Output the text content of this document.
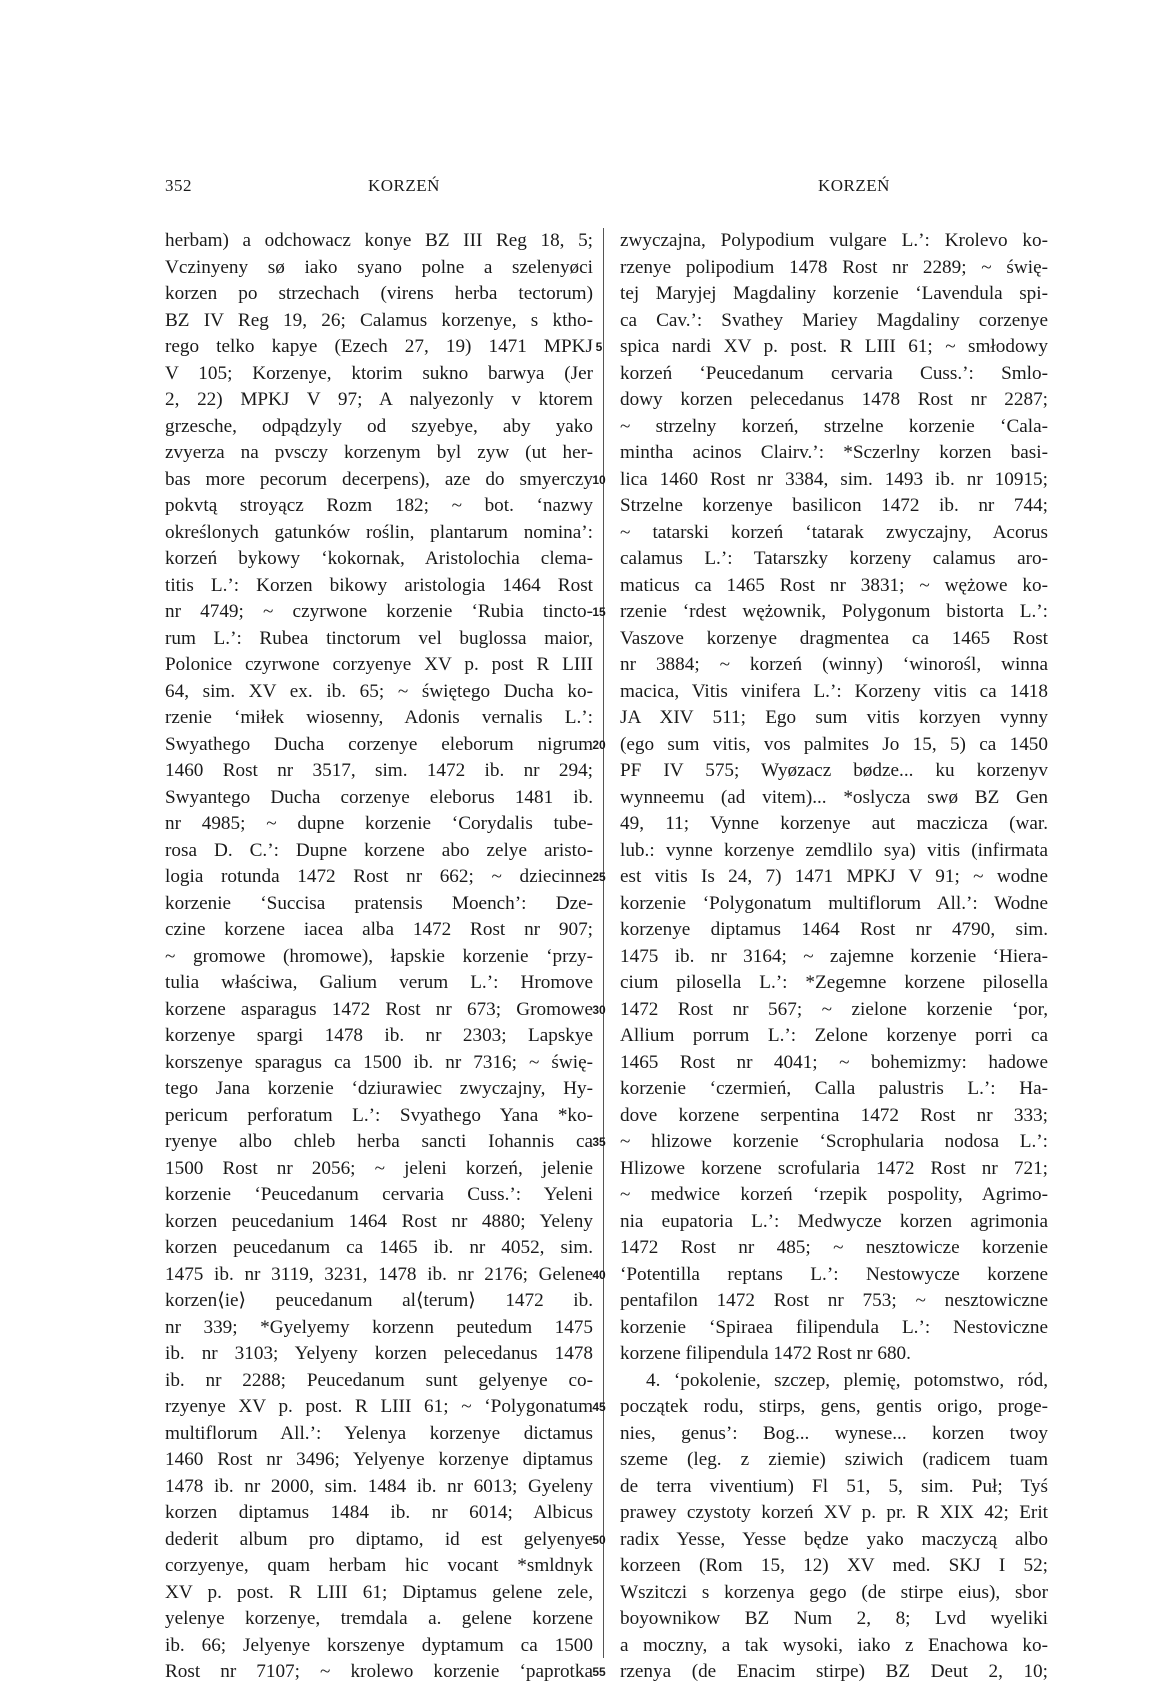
352	KORZEŃ	KORZEŃ
herbam) a odchowacz konye BZ III Reg 18, 5;
Vczinyeny sø iako syano polne a szelenyøci
korzen po strzechach (virens herba tectorum)
BZ IV Reg 19, 26; Calamus korzenye, s ktho-
rego telko kapye (Ezech 27, 19) 1471 MPKJ
V 105; Korzenye, ktorim sukno barwya (Jer
2, 22) MPKJ V 97; A nalyezonly v ktorem
grzesche, odpądzyly od szyebye, aby yako
zvyerza na pvsczy korzenym byl zyw (ut her-
bas more pecorum decerpens), aze do smyerczy
pokvtą stroyącz Rozm 182; ~ bot. ʻnazwy
określonych gatunków roślin, plantarum nomina’:
korzeń bykowy ʻkokornak, Aristolochia clema-
titis L.’: Korzen bikowy aristologia 1464 Rost
nr 4749; ~ czyrwone korzenie ʻRubia tincto-
rum L.’: Rubea tinctorum vel buglossa maior,
Polonice czyrwone corzyenye XV p. post R LIII
64, sim. XV ex. ib. 65; ~ świętego Ducha ko-
rzenie ʻmiłek wiosenny, Adonis vernalis L.’:
Swyathego Ducha corzenye eleborum nigrum
1460 Rost nr 3517, sim. 1472 ib. nr 294;
Swyantego Ducha corzenye eleborus 1481 ib.
nr 4985; ~ dupne korzenie ʻCorydalis tube-
rosa D. C.’: Dupne korzene abo zelye aristo-
logia rotunda 1472 Rost nr 662; ~ dziecinne
korzenie ʻSuccisa pratensis Moench’: Dze-
czine korzene iacea alba 1472 Rost nr 907;
~ gromowe (hromowe), łapskie korzenie ʻprzy-
tulia właściwa, Galium verum L.’: Hromove
korzene asparagus 1472 Rost nr 673; Gromowe
korzenye spargi 1478 ib. nr 2303; Lapskye
korszenye sparagus ca 1500 ib. nr 7316; ~ świę-
tego Jana korzenie ʻdziurawiec zwyczajny, Hy-
pericum perforatum L.’: Svyathego Yana *ko-
ryenye albo chleb herba sancti Iohannis ca
1500 Rost nr 2056; ~ jeleni korzeń, jelenie
korzenie ʻPeucedanum cervaria Cuss.’: Yeleni
korzen peucedanium 1464 Rost nr 4880; Yeleny
korzen peucedanum ca 1465 ib. nr 4052, sim.
1475 ib. nr 3119, 3231, 1478 ib. nr 2176; Gelene
korzen⟨ie⟩ peucedanum al⟨terum⟩ 1472 ib.
nr 339; *Gyelyemy korzenn peutedum 1475
ib. nr 3103; Yelyeny korzen pelecedanus 1478
ib. nr 2288; Peucedanum sunt gelyenye co-
rzyenye XV p. post. R LIII 61; ~ ʻPolygonatum
multiflorum All.’: Yelenya korzenye dictamus
1460 Rost nr 3496; Yelyenye korzenye diptamus
1478 ib. nr 2000, sim. 1484 ib. nr 6013; Gyeleny
korzen diptamus 1484 ib. nr 6014; Albicus
dederit album pro diptamo, id est gelyenye
corzyenye, quam herbam hic vocant *smldnyk
XV p. post. R LIII 61; Diptamus gelene zele,
yelenye korzenye, tremdala a. gelene korzene
ib. 66; Jelyenye korszenye dyptamum ca 1500
Rost nr 7107; ~ krolewo korzenie ʻpaprotka
5
10
15
20
25
30
35
40
45
50
55
zwyczajna, Polypodium vulgare L.’: Krolevo ko-
rzenye polipodium 1478 Rost nr 2289; ~ świę-
tej Maryjej Magdaliny korzenie ʻLavendula spi-
ca Cav.’: Svathey Mariey Magdaliny corzenye
spica nardi XV p. post. R LIII 61; ~ smłodowy
korzeń ʻPeucedanum cervaria Cuss.’: Smlo-
dowy korzen pelecedanus 1478 Rost nr 2287;
~ strzelny korzeń, strzelne korzenie ʻCala-
mintha acinos Clairv.’: *Sczerlny korzen basi-
lica 1460 Rost nr 3384, sim. 1493 ib. nr 10915;
Strzelne korzenye basilicon 1472 ib. nr 744;
~ tatarski korzeń ʻtatarak zwyczajny, Acorus
calamus L.’: Tatarszky korzeny calamus aro-
maticus ca 1465 Rost nr 3831; ~ wężowe ko-
rzenie ʻrdest wężownik, Polygonum bistorta L.’:
Vaszove korzenye dragmentea ca 1465 Rost
nr 3884; ~ korzeń (winny) ʻwinorośl, winna
macica, Vitis vinifera L.’: Korzeny vitis ca 1418
JA XIV 511; Ego sum vitis korzyen vynny
(ego sum vitis, vos palmites Jo 15, 5) ca 1450
PF IV 575; Wyøzacz bødze... ku korzenyv
wynneemu (ad vitem)... *oslycza swø BZ Gen
49, 11; Vynne korzenye aut maczicza (war.
lub.: vynne korzenye zemdlilo sya) vitis (infirmata
est vitis Is 24, 7) 1471 MPKJ V 91; ~ wodne
korzenie ʻPolygonatum multiflorum All.’: Wodne
korzenye diptamus 1464 Rost nr 4790, sim.
1475 ib. nr 3164; ~ zajemne korzenie ʻHiera-
cium pilosella L.’: *Zegemne korzene pilosella
1472 Rost nr 567; ~ zielone korzenie ʻpor,
Allium porrum L.’: Zelone korzenye porri ca
1465 Rost nr 4041; ~ bohemizmy: hadowe
korzenie ʻczermień, Calla palustris L.’: Ha-
dove korzene serpentina 1472 Rost nr 333;
~ hlizowe korzenie ʻScrophularia nodosa L.’:
Hlizowe korzene scrofularia 1472 Rost nr 721;
~ medwice korzeń ʻrzepik pospolity, Agrimo-
nia eupatoria L.’: Medwycze korzen agrimonia
1472 Rost nr 485; ~ nesztowicze korzenie
ʻPotentilla reptans L.’: Nestowycze korzene
pentafilon 1472 Rost nr 753; ~ nesztowiczne
korzenie ʻSpiraea filipendula L.’: Nestoviczne
korzene filipendula 1472 Rost nr 680.
4. ʻpokolenie, szczep, plemię, potomstwo, ród,
początek rodu, stirps, gens, gentis origo, proge-
nies, genus’: Bog... wynese... korzen twoy
szeme (leg. z ziemie) sziwich (radicem tuam
de terra viventium) Fl 51, 5, sim. Puł; Tyś
prawey czystoty korzeń XV p. pr. R XIX 42; Erit
radix Yesse, Yesse będze yako maczyczą albo
korzeen (Rom 15, 12) XV med. SKJ I 52;
Wszitczi s korzenya gego (de stirpe eius), sbor
boyownikow BZ Num 2, 8; Lvd wyeliki
a moczny, a tak wysoki, iako z Enachowa ko-
rzenya (de Enacim stirpe) BZ Deut 2, 10;
